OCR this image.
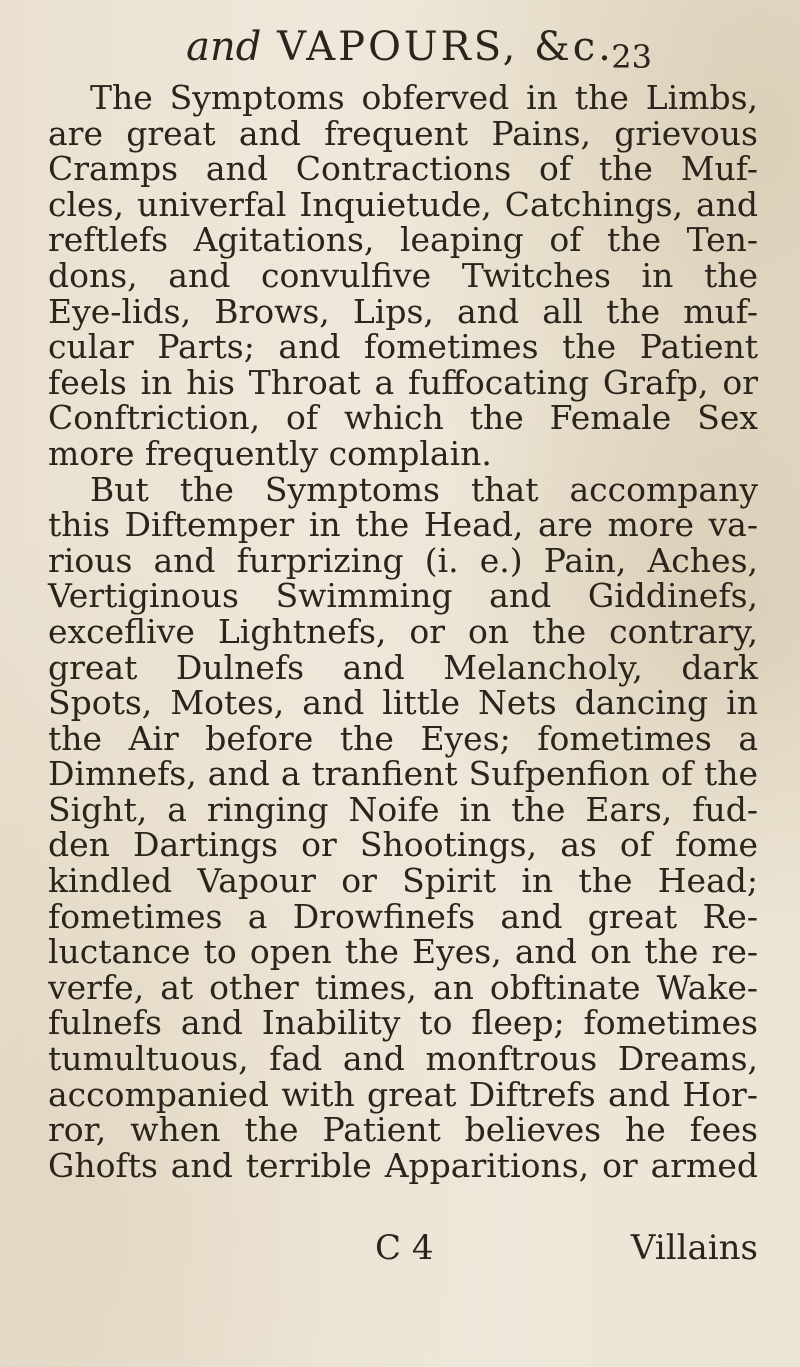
and VAPOURS, &c.
23
The Symptoms obferved in the Limbs,
are great and frequent Pains, grievous
Cramps and Contractions of the Muf-
cles, univerfal Inquietude, Catchings, and
reftlefs Agitations, leaping of the Ten-
dons, and convulfive Twitches in the
Eye-lids, Brows, Lips, and all the muf-
cular Parts; and fometimes the Patient
feels in his Throat a fuffocating Grafp, or
Conftriction, of which the Female Sex
more frequently complain.
But the Symptoms that accompany
this Diftemper in the Head, are more va-
rious and furprizing (i. e.) Pain, Aches,
Vertiginous Swimming and Giddinefs,
exceflive Lightnefs, or on the contrary,
great Dulnefs and Melancholy, dark
Spots, Motes, and little Nets dancing in
the Air before the Eyes; fometimes a
Dimnefs, and a tranfient Sufpenfion of the
Sight, a ringing Noife in the Ears, fud-
den Dartings or Shootings, as of fome
kindled Vapour or Spirit in the Head;
fometimes a Drowfinefs and great Re-
luctance to open the Eyes, and on the re-
verfe, at other times, an obftinate Wake-
fulnefs and Inability to fleep; fometimes
tumultuous, fad and monftrous Dreams,
accompanied with great Diftrefs and Hor-
ror, when the Patient believes he fees
Ghofts and terrible Apparitions, or armed
C 4	Villains
